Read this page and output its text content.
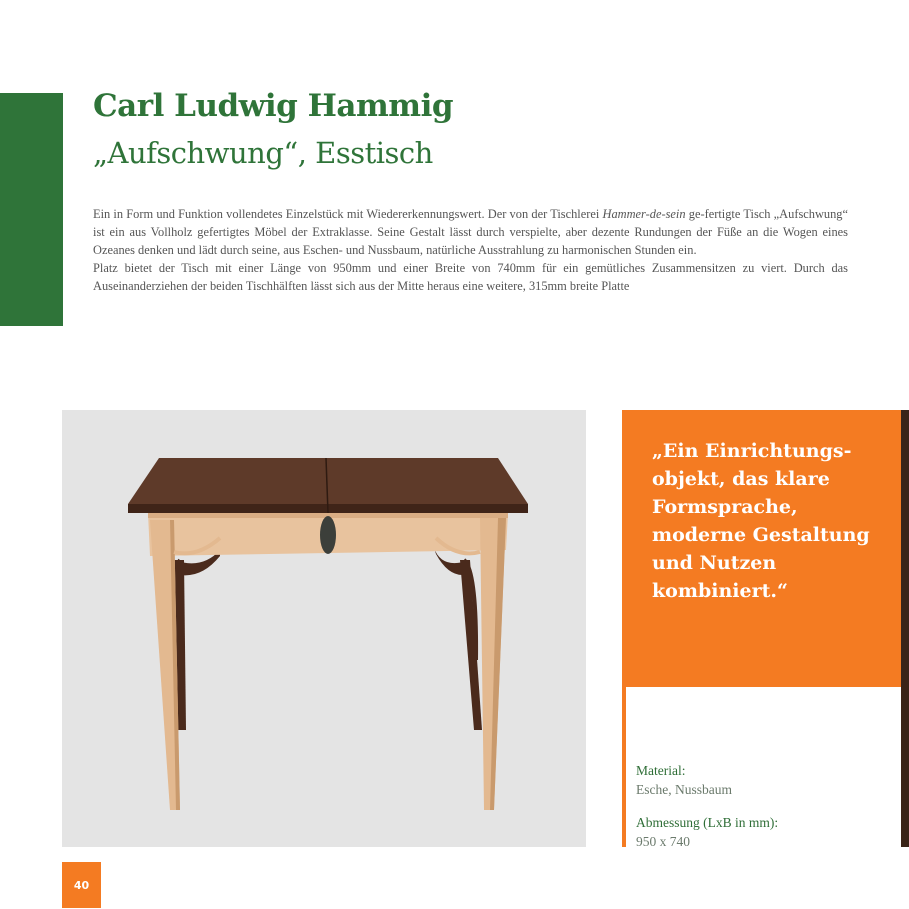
Carl Ludwig Hammig
„Aufschwung“, Esstisch

Ein in Form und Funktion vollendetes Einzelstück mit Wiedererkennungswert. Der von der Tischlerei Hammer-de-sein ge-fertigte Tisch „Aufschwung“ ist ein aus Vollholz gefertigtes Möbel der Extraklasse. Seine Gestalt lässt durch verspielte, aber dezente Rundungen der Füße an die Wogen eines Ozeanes denken und lädt durch seine, aus Eschen- und Nussbaum, natürliche Ausstrahlung zu harmonischen Stunden ein.

Platz bietet der Tisch mit einer Länge von 950mm und einer Breite von 740mm für ein gemütliches Zusammensitzen zu viert. Durch das Auseinanderziehen der beiden Tischhälften lässt sich aus der Mitte heraus eine weitere, 315mm breite Platte

„Ein Einrichtungs-objekt, das klare Formsprache, moderne Gestaltung und Nutzen kombiniert.“

Material:

Esche, Nussbaum

Abmessung (LxB in mm):

950 x 740

40
